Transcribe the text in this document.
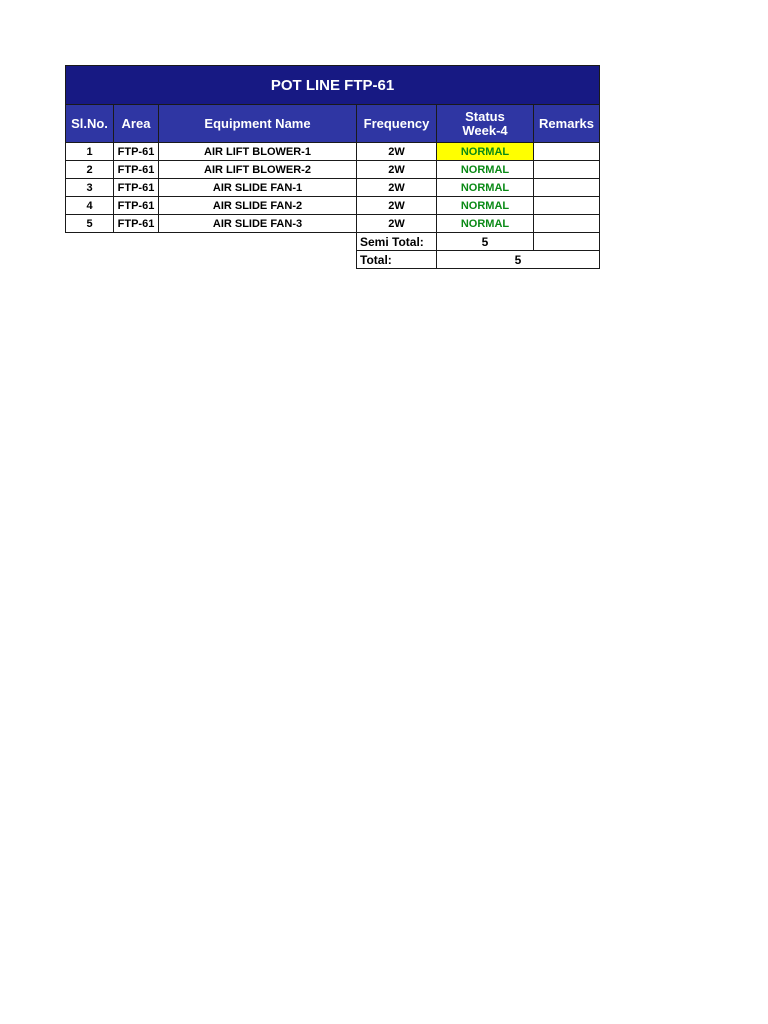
POT LINE FTP-61					
Sl.No.	Area	Equipment Name	Frequency	Status Week-4	Remarks
1	FTP-61	AIR LIFT BLOWER-1	2W	NORMAL	
2	FTP-61	AIR LIFT BLOWER-2	2W	NORMAL	
3	FTP-61	AIR SLIDE FAN-1	2W	NORMAL	
4	FTP-61	AIR SLIDE FAN-2	2W	NORMAL	
5	FTP-61	AIR SLIDE FAN-3	2W	NORMAL	
			Semi Total:	5	
			Total:	5	
